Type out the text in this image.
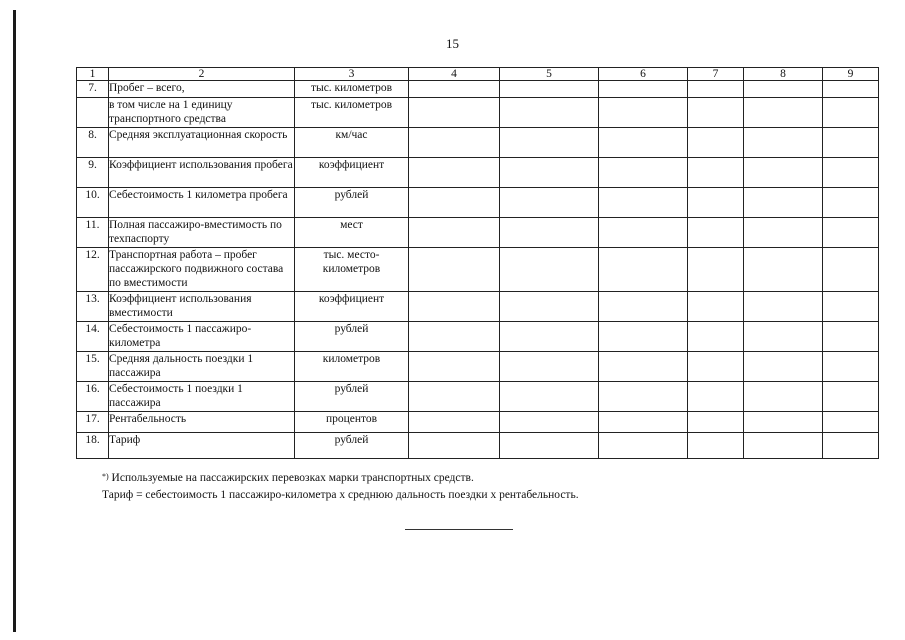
15
1	2	3	4	5	6	7	8	9
7.	Пробег – всего,	тыс. километров						
	в том числе на 1 единицу транспортного средства	тыс. километров						
8.	Средняя эксплуатационная скорость	км/час						
9.	Коэффициент использования пробега	коэффициент						
10.	Себестоимость 1 километра пробега	рублей						
11.	Полная пассажиро-вместимость по техпаспорту	мест						
12.	Транспортная работа – пробег пассажирского подвижного состава по вместимости	тыс. место-километров						
13.	Коэффициент использования вместимости	коэффициент						
14.	Себестоимость 1 пассажиро-километра	рублей						
15.	Средняя дальность поездки 1 пассажира	километров						
16.	Себестоимость 1 поездки 1 пассажира	рублей						
17.	Рентабельность	процентов						
18.	Тариф	рублей						
*) Используемые на пассажирских перевозках марки транспортных средств.
Тариф = себестоимость 1 пассажиро-километра х среднюю дальность поездки х рентабельность.
